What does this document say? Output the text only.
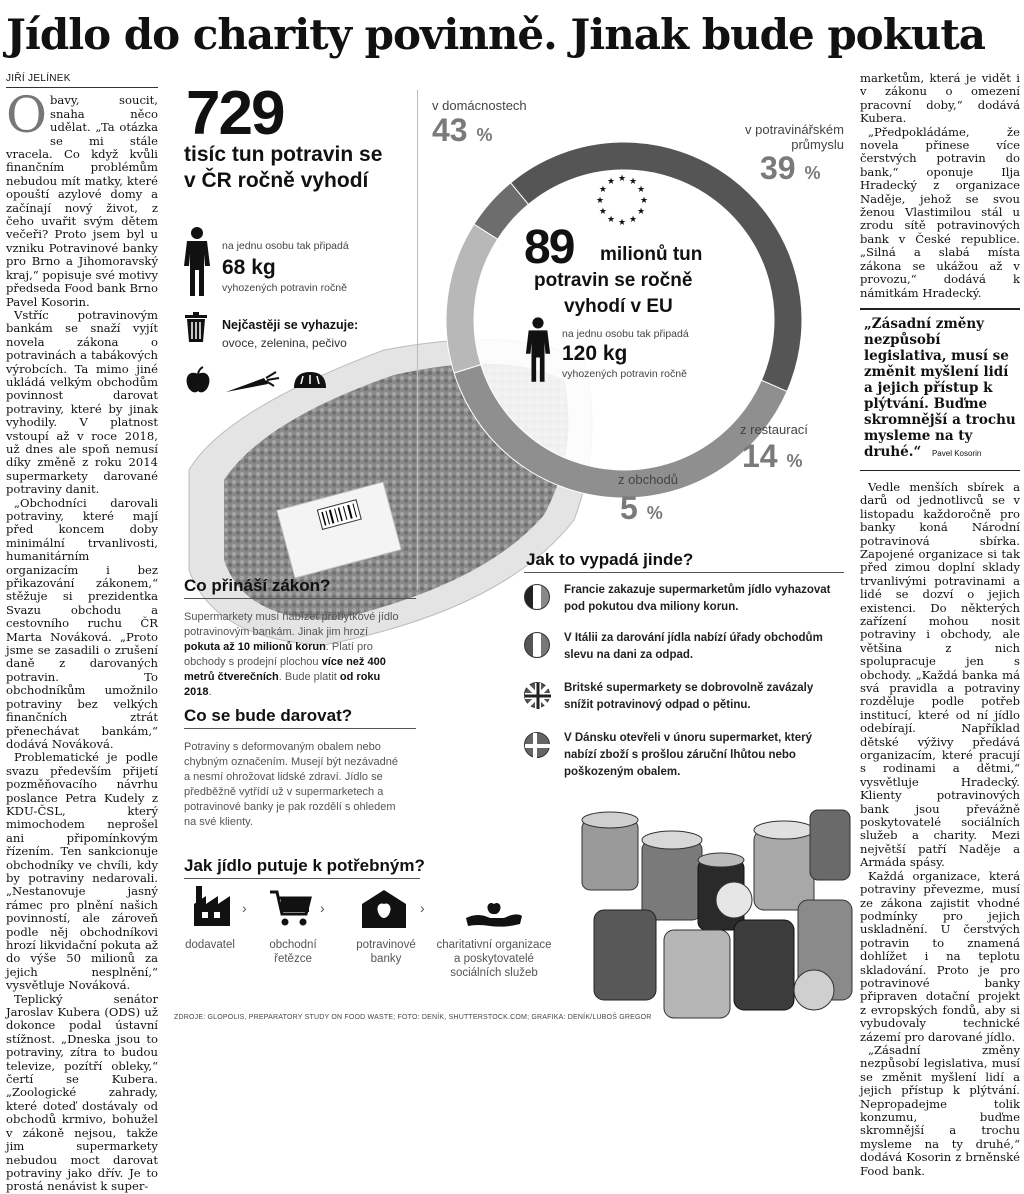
Jídlo do charity povinně. Jinak bude pokuta
JIŘÍ JELÍNEK

Obavy, soucit, snaha něco udělat. „Ta otázka se mi stále vracela. Co když kvůli finančním problémům nebudou mít matky, které opouští azylové domy a začínají nový život, z čeho uvařit svým dětem večeři? Proto jsem byl u vzniku Potravinové banky pro Brno a Jihomoravský kraj,“ popisuje své motivy předseda Food bank Brno Pavel Kosorin.

Vstříc potravinovým bankám se snaží vyjít novela zákona o potravinách a tabákových výrobcích. Ta mimo jiné ukládá velkým obchodům povinnost darovat potraviny, které by jinak vyhodily. V platnost vstoupí až v roce 2018, už dnes ale spoň nemusí díky změně z roku 2014 supermarkety darované potraviny danit.

„Obchodníci darovali potraviny, které mají před koncem doby minimální trvanlivosti, humanitárním organizacím i bez přikazování zákonem,“ stěžuje si prezidentka Svazu obchodu a cestovního ruchu ČR Marta Nováková. „Proto jsme se zasadili o zrušení daně z darovaných potravin. To obchodníkům umožnilo potraviny bez velkých finančních ztrát přenechávat bankám,“ dodává Nováková.

Problematické je podle svazu především přijetí pozměňovacího návrhu poslance Petra Kudely z KDU-ČSL, který mimochodem neprošel ani připomínkovým řízením. Ten sankcionuje obchodníky ve chvíli, kdy by potraviny nedarovali. „Nestanovuje jasný rámec pro plnění našich povinností, ale zároveň podle něj obchodníkovi hrozí likvidační pokuta až do výše 50 milionů za jejich nesplnění,“ vysvětluje Nováková.

Teplický senátor Jaroslav Kubera (ODS) už dokonce podal ústavní stížnost. „Dneska jsou to potraviny, zítra to budou televize, pozítří obleky,“ čertí se Kubera. „Zoologické zahrady, které doteď dostávaly od obchodů krmivo, bohužel v zákoně nejsou, takže jim supermarkety nebudou moct darovat potraviny jako dřív. Je to prostá nenávist k super-

marketům, která je vidět i v zákonu o omezení pracovní doby,“ dodává Kubera.

„Předpokládáme, že novela přinese více čerstvých potravin do bank,“ oponuje Ilja Hradecký z organizace Naděje, jehož se svou ženou Vlastimilou stál u zrodu sítě potravinových bank v České republice. „Silná a slabá místa zákona se ukážou až v provozu,“ dodává k námitkám Hradecký.

„Zásadní změny nezpůsobí legislativa, musí se změnit myšlení lidí a jejich přístup k plýtvání. Buďme skromnější a trochu mysleme na ty druhé.“ Pavel Kosorin

Vedle menších sbírek a darů od jednotlivců se v listopadu každoročně pro banky koná Národní potravinová sbírka. Zapojené organizace si tak před zimou doplní sklady trvanlivými potravinami a lidé se dozví o jejich existenci. Do některých zařízení mohou nosit potraviny i obchody, ale většina z nich spolupracuje jen s obchody. „Každá banka má svá pravidla a potraviny rozděluje podle potřeb institucí, které od ní jídlo odebírají. Například dětské výživy předává organizacím, které pracují s rodinami a dětmi,“ vysvětluje Hradecký. Klienty potravinových bank jsou převážně poskytovatelé sociálních služeb a charity. Mezi největší patří Naděje a Armáda spásy.

Každá organizace, která potraviny převezme, musí ze zákona zajistit vhodné podmínky pro jejich uskladnění. U čerstvých potravin to znamená dohlížet i na teplotu skladování. Proto je pro potravinové banky připraven dotační projekt z evropských fondů, aby si vybudovaly technické zázemí pro darované jídlo.

„Zásadní změny nezpůsobí legislativa, musí se změnit myšlení lidí a jejich přístup k plýtvání. Nepropadejme tolik konzumu, buďme skromnější a trochu mysleme na ty druhé,“ dodává Kosorin z brněnské Food bank.

729
tisíc tun potravin se v ČR ročně vyhodí
na jednu osobu tak připadá
68 kg
vyhozených potravin ročně
Nejčastěji se vyhazuje:
ovoce, zelenina, pečivo
★
★
★
★
★
★
★
★
★ ★ ★
★
v domácnostech
43 %	v potravinářském průmyslu
39 %
z restaurací
14 %
z obchodů
5 %
89 milionů tun
potravin se ročně
vyhodí v EU
na jednu osobu tak připadá
120 kg
vyhozených potravin ročně
Co přináší zákon?
Supermarkety musí nabízet přebytkové jídlo potravinovým bankám. Jinak jim hrozí pokuta až 10 milionů korun. Platí pro obchody s prodejní plochou více než 400 metrů čtverečních. Bude platit od roku 2018.
Co se bude darovat?
Potraviny s deformovaným obalem nebo chybným označením. Musejí být nezávadné a nesmí ohrožovat lidské zdraví. Jídlo se předběžně vytřídí už v supermarketech a potravinové banky je pak rozdělí s ohledem na své klienty.
Jak to vypadá jinde?
Francie zakazuje supermarketům jídlo vyhazovat pod pokutou dva miliony korun.
V Itálii za darování jídla nabízí úřady obchodům slevu na dani za odpad.
Britské supermarkety se dobrovolně zavázaly snížit potravinový odpad o pětinu.
V Dánsku otevřeli v únoru supermarket, který nabízí zboží s prošlou záruční lhůtou nebo poškozeným obalem.
Jak jídlo putuje k potřebným?
›	›	›
dodavatel	obchodní řetězce
potravinové banky
charitativní organizace a poskytovatelé sociálních služeb
ZDROJE: GLOPOLIS, PREPARATORY STUDY ON FOOD WASTE; FOTO: DENÍK, SHUTTERSTOCK.COM; GRAFIKA: DENÍK/LUBOŠ GREGOR
